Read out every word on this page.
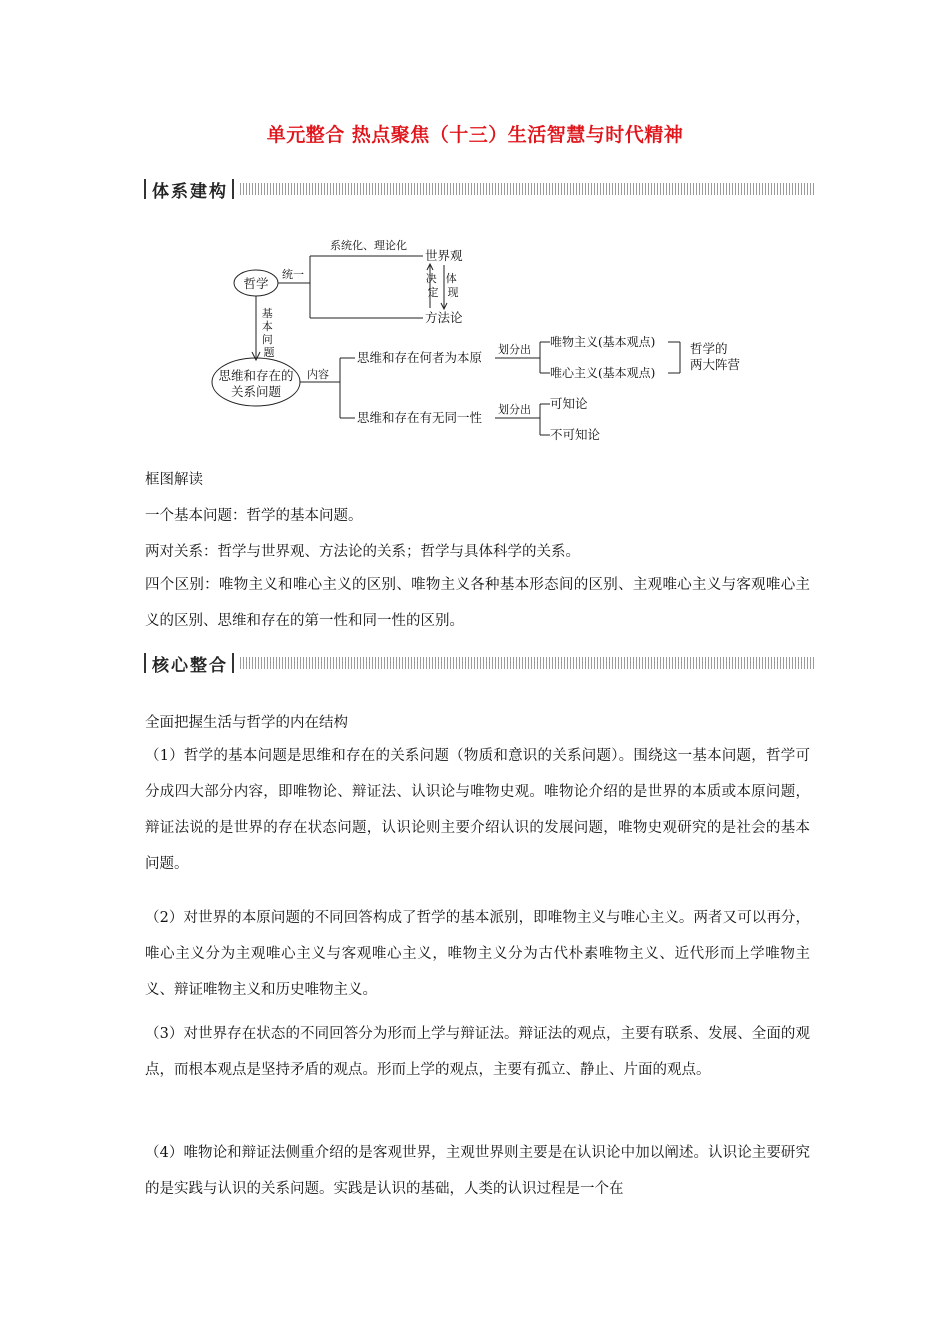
单元整合 热点聚焦（十三）生活智慧与时代精神
体系建构
哲学
统一
系统化、理论化
世界观
方法论
决 定
体 现
基 本 问 题
思维和存在的
关系问题
内容
思维和存在何者为本原
思维和存在有无同一性
划分出
划分出
唯物主义(基本观点)
唯心主义(基本观点)
哲学的
两大阵营
可知论
不可知论
框图解读
一个基本问题：哲学的基本问题。
两对关系：哲学与世界观、方法论的关系；哲学与具体科学的关系。
四个区别：唯物主义和唯心主义的区别、唯物主义各种基本形态间的区别、主观唯心主义与客观唯心主义的区别、思维和存在的第一性和同一性的区别。
核心整合
全面把握生活与哲学的内在结构
（1）哲学的基本问题是思维和存在的关系问题（物质和意识的关系问题）。围绕这一基本问题，哲学可分成四大部分内容，即唯物论、辩证法、认识论与唯物史观。唯物论介绍的是世界的本质或本原问题，辩证法说的是世界的存在状态问题，认识论则主要介绍认识的发展问题，唯物史观研究的是社会的基本问题。
（2）对世界的本原问题的不同回答构成了哲学的基本派别，即唯物主义与唯心主义。两者又可以再分，唯心主义分为主观唯心主义与客观唯心主义，唯物主义分为古代朴素唯物主义、近代形而上学唯物主义、辩证唯物主义和历史唯物主义。
（3）对世界存在状态的不同回答分为形而上学与辩证法。辩证法的观点，主要有联系、发展、全面的观点，而根本观点是坚持矛盾的观点。形而上学的观点，主要有孤立、静止、片面的观点。
（4）唯物论和辩证法侧重介绍的是客观世界，主观世界则主要是在认识论中加以阐述。认识论主要研究的是实践与认识的关系问题。实践是认识的基础，人类的认识过程是一个在
